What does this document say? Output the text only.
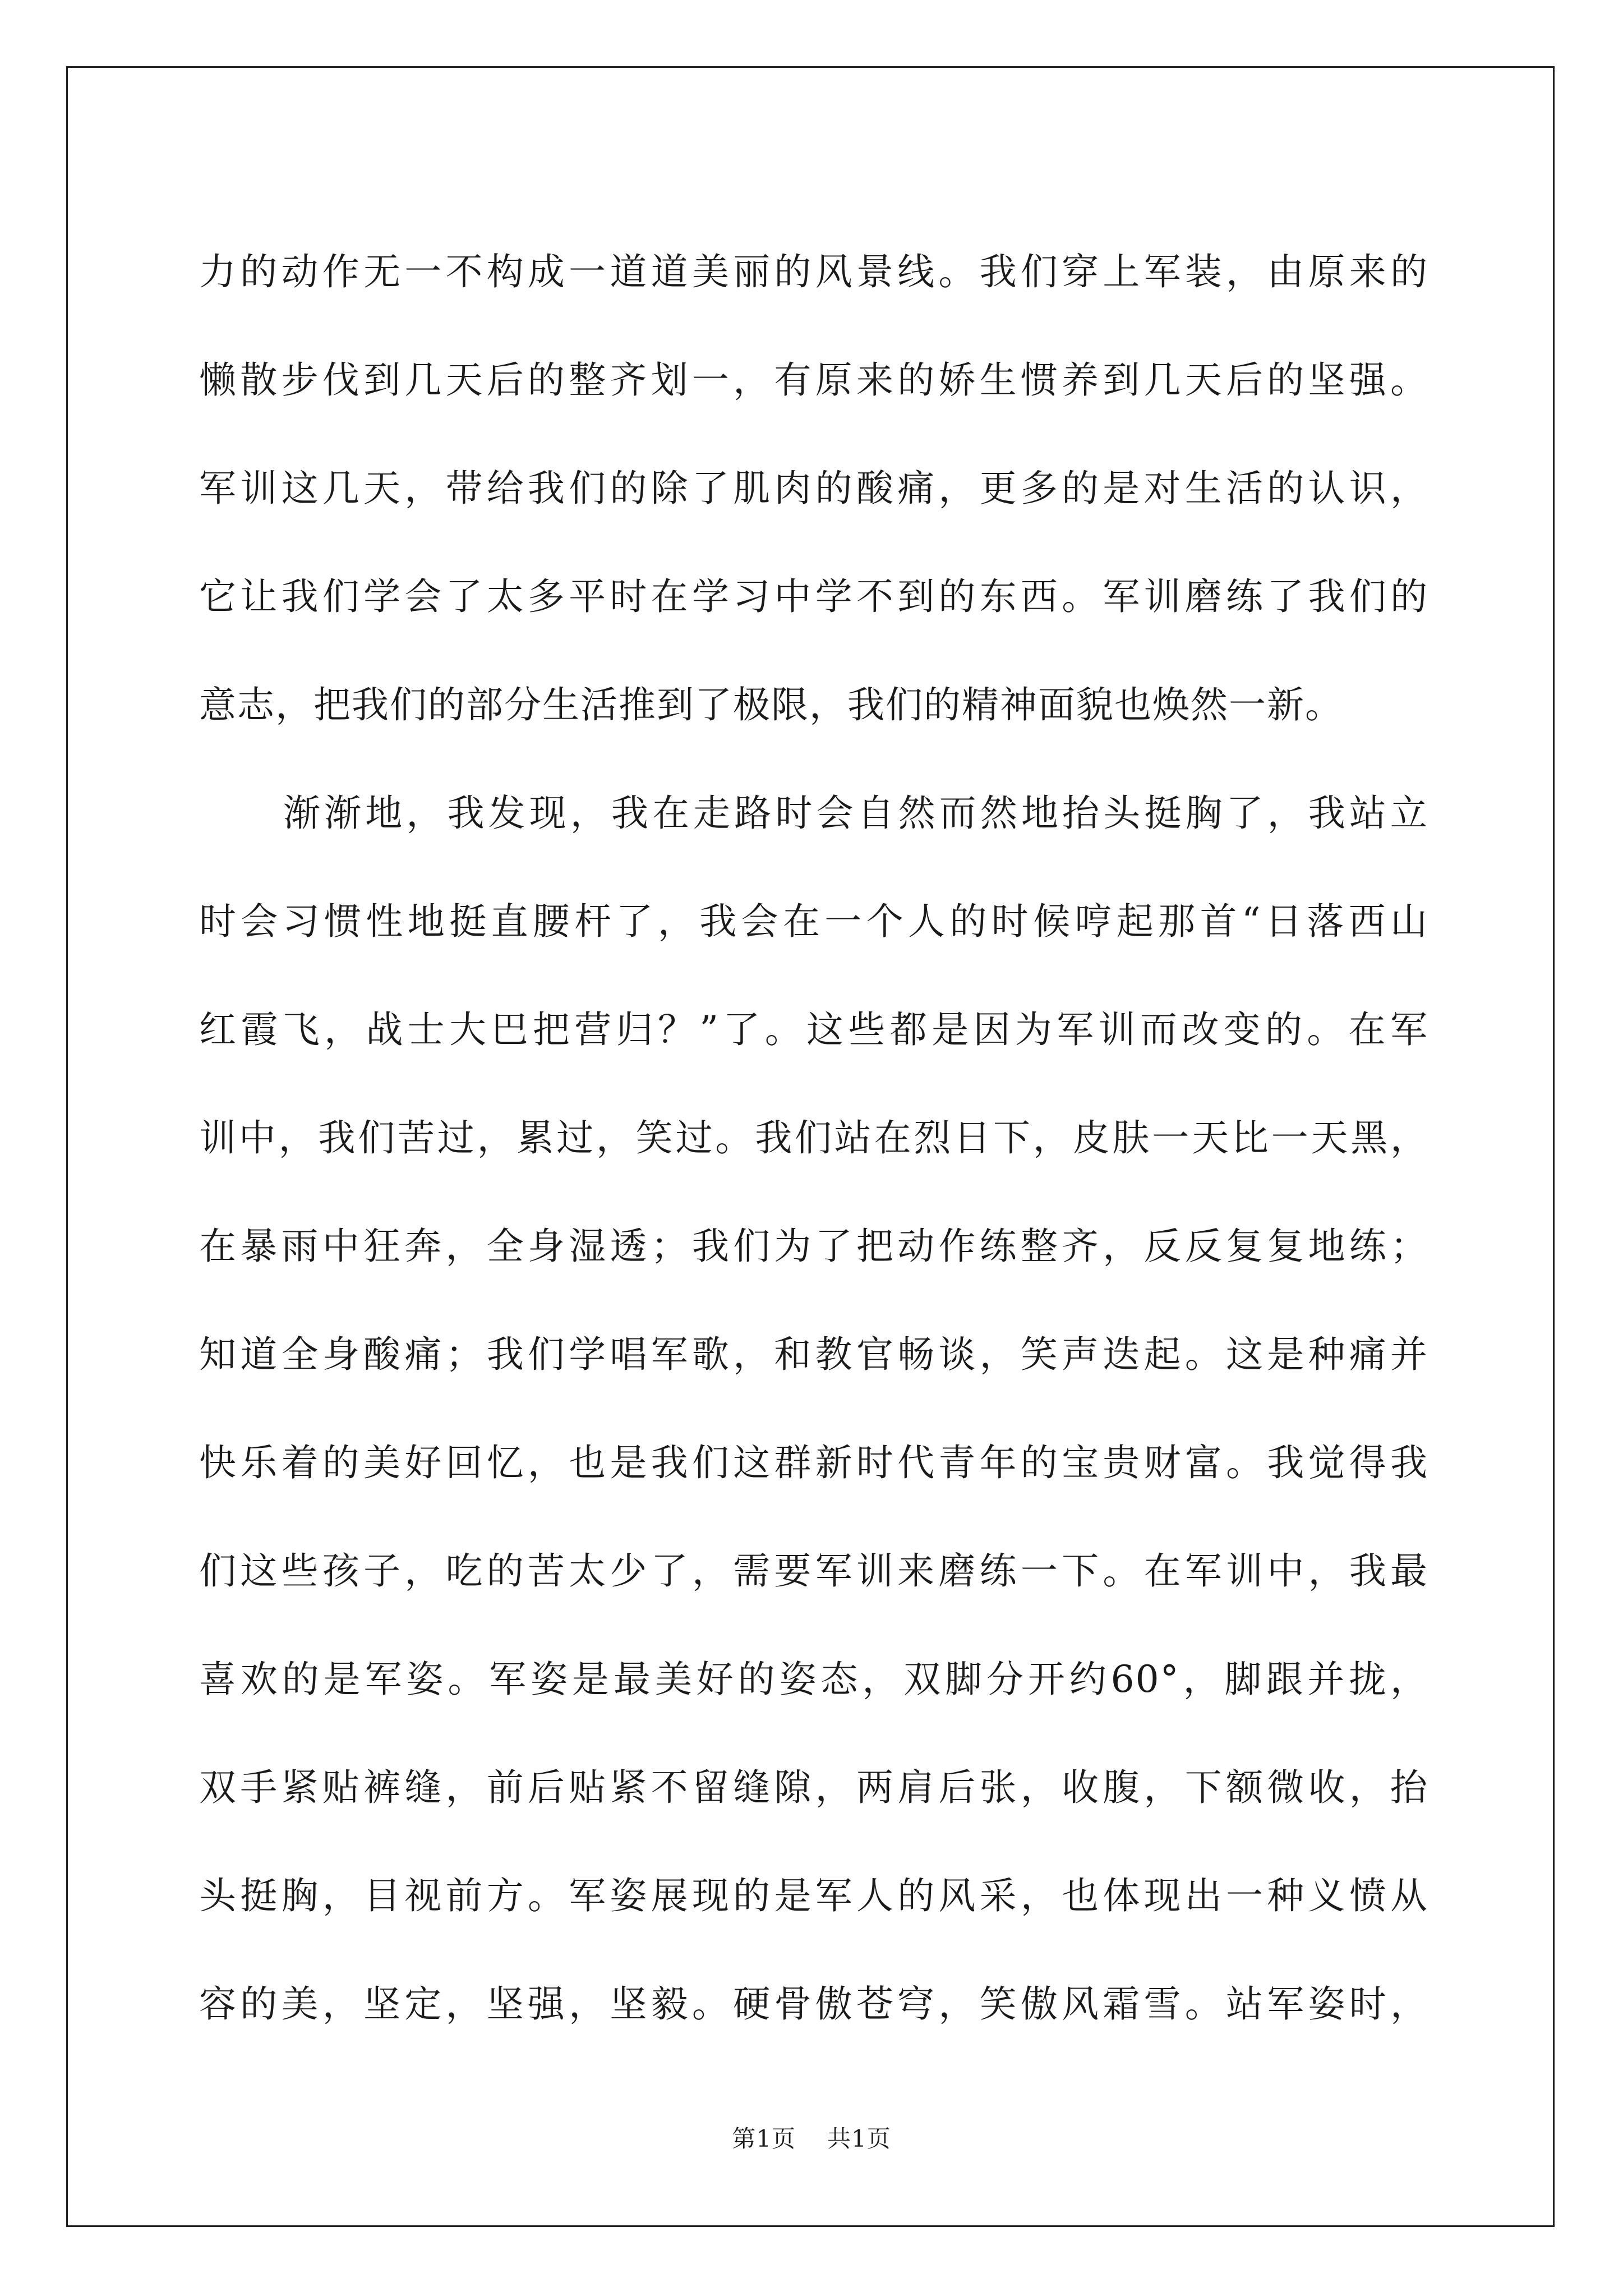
力的动作无一不构成一道道美丽的风景线。我们穿上军装，由原来的
懒散步伐到几天后的整齐划一，有原来的娇生惯养到几天后的坚强。
军训这几天，带给我们的除了肌肉的酸痛，更多的是对生活的认识，
它让我们学会了太多平时在学习中学不到的东西。军训磨练了我们的
意志，把我们的部分生活推到了极限，我们的精神面貌也焕然一新。
渐渐地，我发现，我在走路时会自然而然地抬头挺胸了，我站立
时会习惯性地挺直腰杆了，我会在一个人的时候哼起那首“日落西山
红霞飞，战士大巴把营归？”了。这些都是因为军训而改变的。在军
训中，我们苦过，累过，笑过。我们站在烈日下，皮肤一天比一天黑，
在暴雨中狂奔，全身湿透；我们为了把动作练整齐，反反复复地练；
知道全身酸痛；我们学唱军歌，和教官畅谈，笑声迭起。这是种痛并
快乐着的美好回忆，也是我们这群新时代青年的宝贵财富。我觉得我
们这些孩子，吃的苦太少了，需要军训来磨练一下。在军训中，我最
喜欢的是军姿。军姿是最美好的姿态，双脚分开约60°，脚跟并拢，
双手紧贴裤缝，前后贴紧不留缝隙，两肩后张，收腹，下额微收，抬
头挺胸，目视前方。军姿展现的是军人的风采，也体现出一种义愤从
容的美，坚定，坚强，坚毅。硬骨傲苍穹，笑傲风霜雪。站军姿时，
第1页 共1页
